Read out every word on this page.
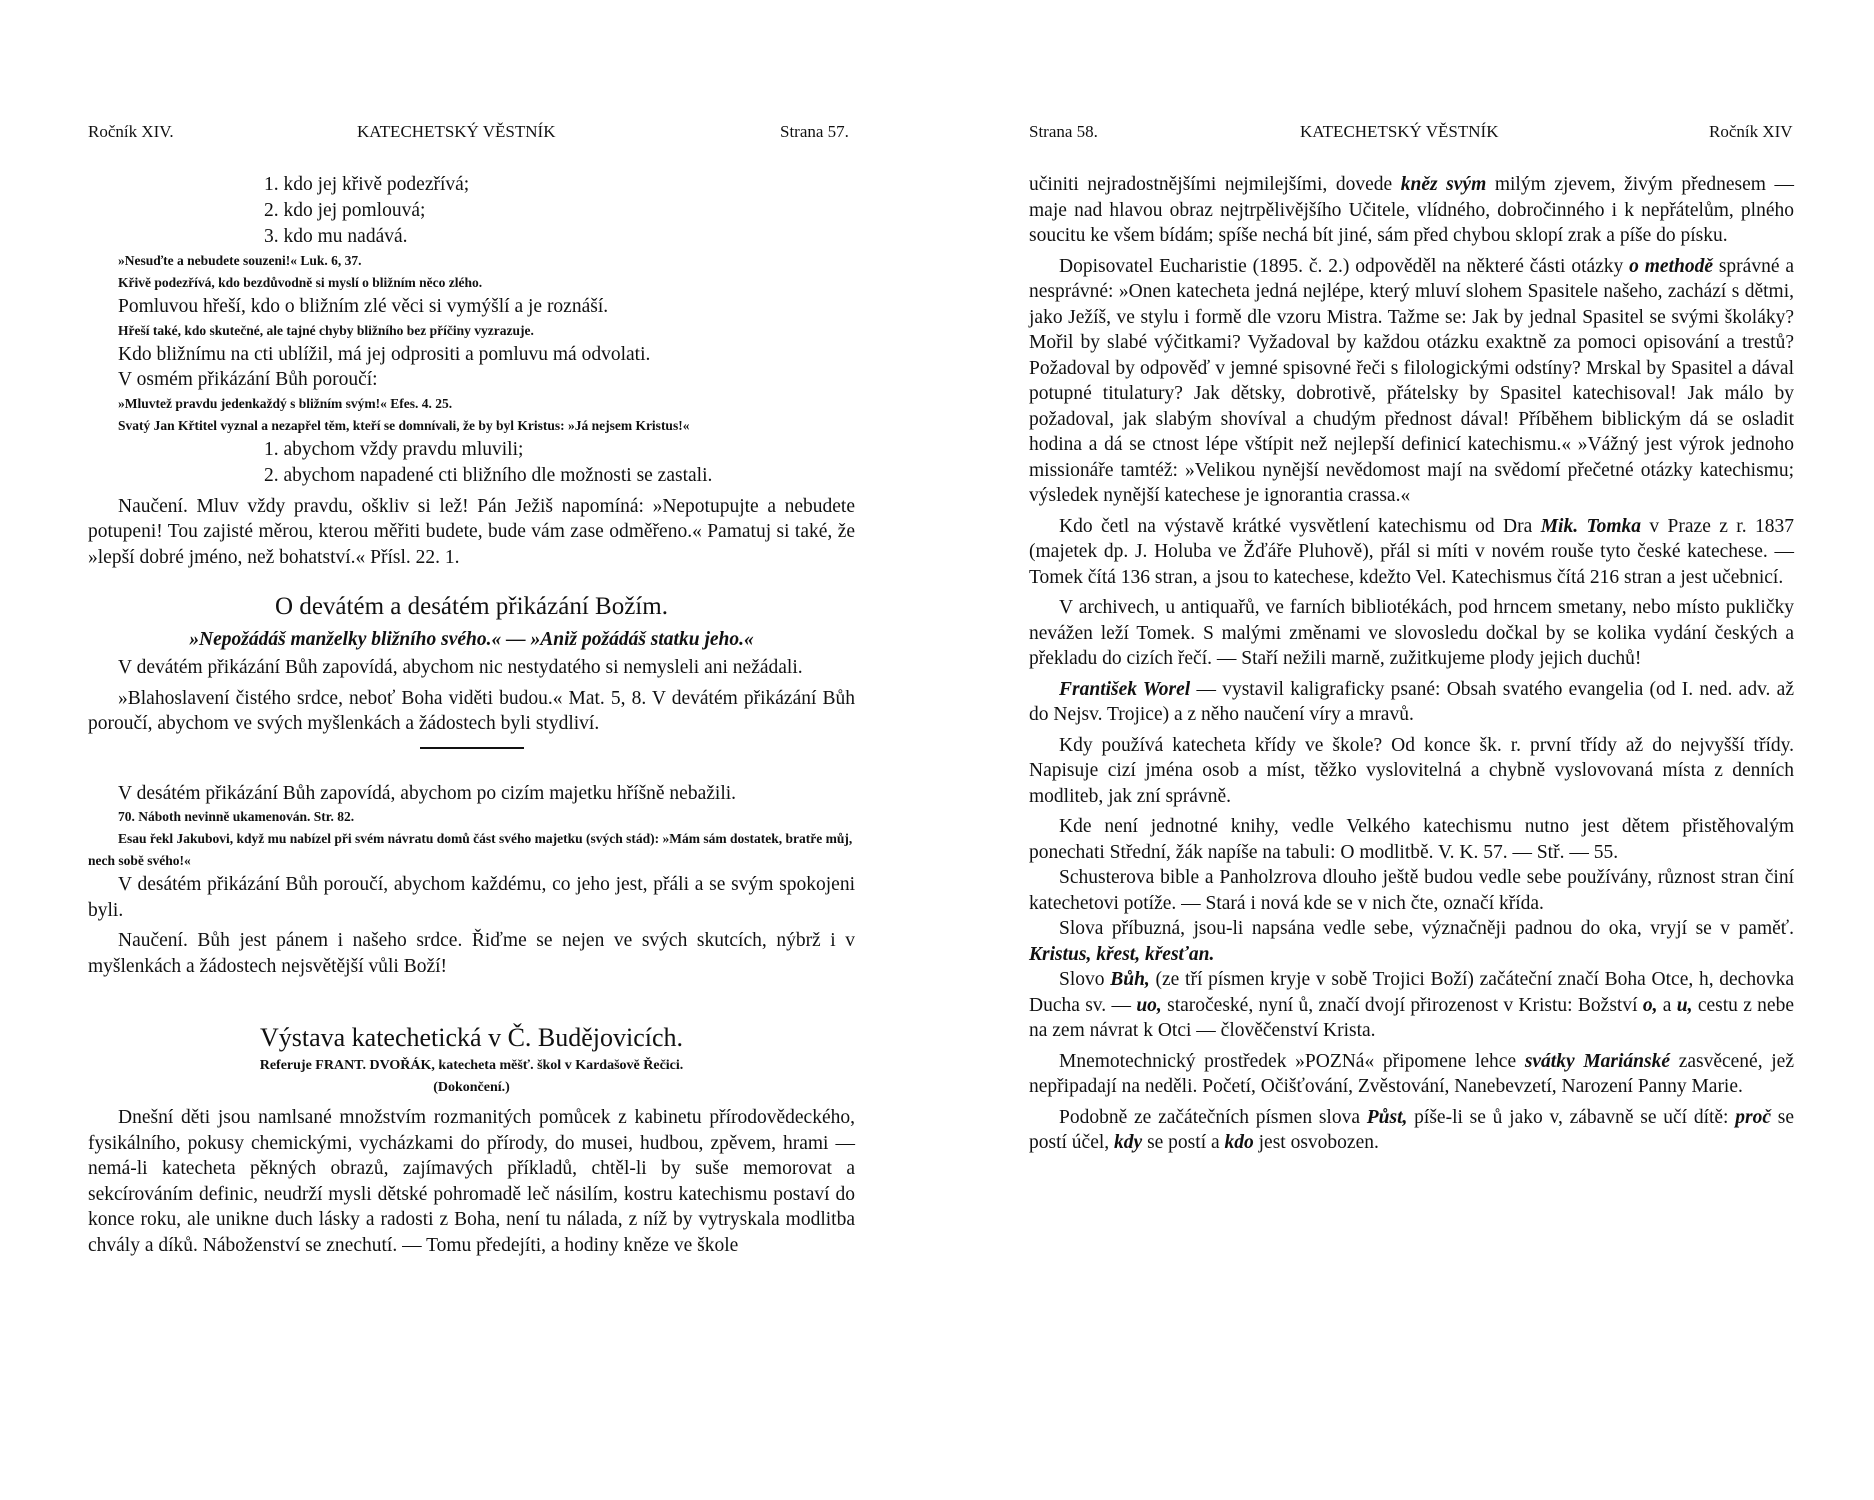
Ročník XIV.	KATECHETSKÝ VĚSTNÍK	Strana 57.

1. kdo jej křivě podezřívá;

2. kdo jej pomlouvá;

3. kdo mu nadává.

»Nesuďte a nebudete souzeni!« Luk. 6, 37.

Křivě podezřívá, kdo bezdůvodně si myslí o bližním něco zlého.

Pomluvou hřeší, kdo o bližním zlé věci si vymýšlí a je roznáší.

Hřeší také, kdo skutečné, ale tajné chyby bližního bez příčiny vyzrazuje.

Kdo bližnímu na cti ublížil, má jej odprositi a pomluvu má odvolati.

V osmém přikázání Bůh poroučí:

»Mluvtež pravdu jedenkaždý s bližním svým!« Efes. 4. 25.

Svatý Jan Křtitel vyznal a nezapřel těm, kteří se domnívali, že by byl Kristus: »Já nejsem Kristus!«

1. abychom vždy pravdu mluvili;

2. abychom napadené cti bližního dle možnosti se zastali.

Naučení. Mluv vždy pravdu, oškliv si lež! Pán Ježiš napomíná: »Nepotupujte a nebudete potupeni! Tou zajisté měrou, kterou měřiti budete, bude vám zase odměřeno.« Pamatuj si také, že »lepší dobré jméno, než bohatství.« Přísl. 22. 1.

O devátém a desátém přikázání Božím.

»Nepožádáš manželky bližního svého.« — »Aniž požádáš statku jeho.«

V devátém přikázání Bůh zapovídá, abychom nic nestydatého si nemysleli ani nežádali.

»Blahoslavení čistého srdce, neboť Boha viděti budou.« Mat. 5, 8. V devátém přikázání Bůh poroučí, abychom ve svých myšlenkách a žádostech byli stydliví.

V desátém přikázání Bůh zapovídá, abychom po cizím majetku hříšně nebažili.

70. Náboth nevinně ukamenován. Str. 82.

Esau řekl Jakubovi, když mu nabízel při svém návratu domů část svého majetku (svých stád): »Mám sám dostatek, bratře můj, nech sobě svého!«

V desátém přikázání Bůh poroučí, abychom každému, co jeho jest, přáli a se svým spokojeni byli.

Naučení. Bůh jest pánem i našeho srdce. Řiďme se nejen ve svých skutcích, nýbrž i v myšlenkách a žádostech nejsvětější vůli Boží!

Výstava katechetická v Č. Budějovicích.

Referuje FRANT. DVOŘÁK, katecheta měšť. škol v Kardašově Řečici.

(Dokončení.)

Dnešní děti jsou namlsané množstvím rozmanitých pomůcek z kabinetu přírodovědeckého, fysikálního, pokusy chemickými, vycházkami do přírody, do musei, hudbou, zpěvem, hrami — nemá-li katecheta pěkných obrazů, zajímavých příkladů, chtěl-li by suše memorovat a sekcírováním definic, neudrží mysli dětské pohromadě leč násilím, kostru katechismu postaví do konce roku, ale unikne duch lásky a radosti z Boha, není tu nálada, z níž by vytryskala modlitba chvály a díků. Náboženství se znechutí. — Tomu předejíti, a hodiny kněze ve škole

Strana 58.	KATECHETSKÝ VĚSTNÍK	Ročník XIV

učiniti nejradostnějšími nejmilejšími, dovede kněz svým milým zjevem, živým přednesem — maje nad hlavou obraz nejtrpělivějšího Učitele, vlídného, dobročinného i k nepřátelům, plného soucitu ke všem bídám; spíše nechá bít jiné, sám před chybou sklopí zrak a píše do písku.

Dopisovatel Eucharistie (1895. č. 2.) odpověděl na některé části otázky o methodě správné a nesprávné: »Onen katecheta jedná nejlépe, který mluví slohem Spasitele našeho, zachází s dětmi, jako Ježíš, ve stylu i formě dle vzoru Mistra. Tažme se: Jak by jednal Spasitel se svými školáky? Mořil by slabé výčitkami? Vyžadoval by každou otázku exaktně za pomoci opisování a trestů? Požadoval by odpověď v jemné spisovné řeči s filologickými odstíny? Mrskal by Spasitel a dával potupné titulatury? Jak dětsky, dobrotivě, přátelsky by Spasitel katechisoval! Jak málo by požadoval, jak slabým shovíval a chudým přednost dával! Příběhem biblickým dá se osladit hodina a dá se ctnost lépe vštípit než nejlepší definicí katechismu.« »Vážný jest výrok jednoho missionáře tamtéž: »Velikou nynější nevědomost mají na svědomí přečetné otázky katechismu; výsledek nynější katechese je ignorantia crassa.«

Kdo četl na výstavě krátké vysvětlení katechismu od Dra Mik. Tomka v Praze z r. 1837 (majetek dp. J. Holuba ve Žďáře Pluhově), přál si míti v novém rouše tyto české katechese. — Tomek čítá 136 stran, a jsou to katechese, kdežto Vel. Katechismus čítá 216 stran a jest učebnicí.

V archivech, u antiquařů, ve farních bibliotékách, pod hrncem smetany, nebo místo pukličky nevážen leží Tomek. S malými změnami ve slovosledu dočkal by se kolika vydání českých a překladu do cizích řečí. — Staří nežili marně, zužitkujeme plody jejich duchů!

František Worel — vystavil kaligraficky psané: Obsah svatého evangelia (od I. ned. adv. až do Nejsv. Trojice) a z něho naučení víry a mravů.

Kdy používá katecheta křídy ve škole? Od konce šk. r. první třídy až do nejvyšší třídy. Napisuje cizí jména osob a míst, těžko vyslovitelná a chybně vyslovovaná místa z denních modliteb, jak zní správně.

Kde není jednotné knihy, vedle Velkého katechismu nutno jest dětem přistěhovalým ponechati Střední, žák napíše na tabuli: O modlitbě. V. K. 57. — Stř. — 55.

Schusterova bible a Panholzrova dlouho ještě budou vedle sebe používány, různost stran činí katechetovi potíže. — Stará i nová kde se v nich čte, označí křída.

Slova příbuzná, jsou-li napsána vedle sebe, význačněji padnou do oka, vryjí se v paměť. Kristus, křest, křesťan.

Slovo Bůh, (ze tří písmen kryje v sobě Trojici Boží) začáteční značí Boha Otce, h, dechovka Ducha sv. — uo, staročeské, nyní ů, značí dvojí přirozenost v Kristu: Božství o, a u, cestu z nebe na zem návrat k Otci — člověčenství Krista.

Mnemotechnický prostředek »POZNá« připomene lehce svátky Mariánské zasvěcené, jež nepřipadají na neděli. Početí, Očišťování, Zvěstování, Nanebevzetí, Narození Panny Marie.

Podobně ze začátečních písmen slova Půst, píše-li se ů jako v, zábavně se učí dítě: proč se postí účel, kdy se postí a kdo jest osvobozen.
